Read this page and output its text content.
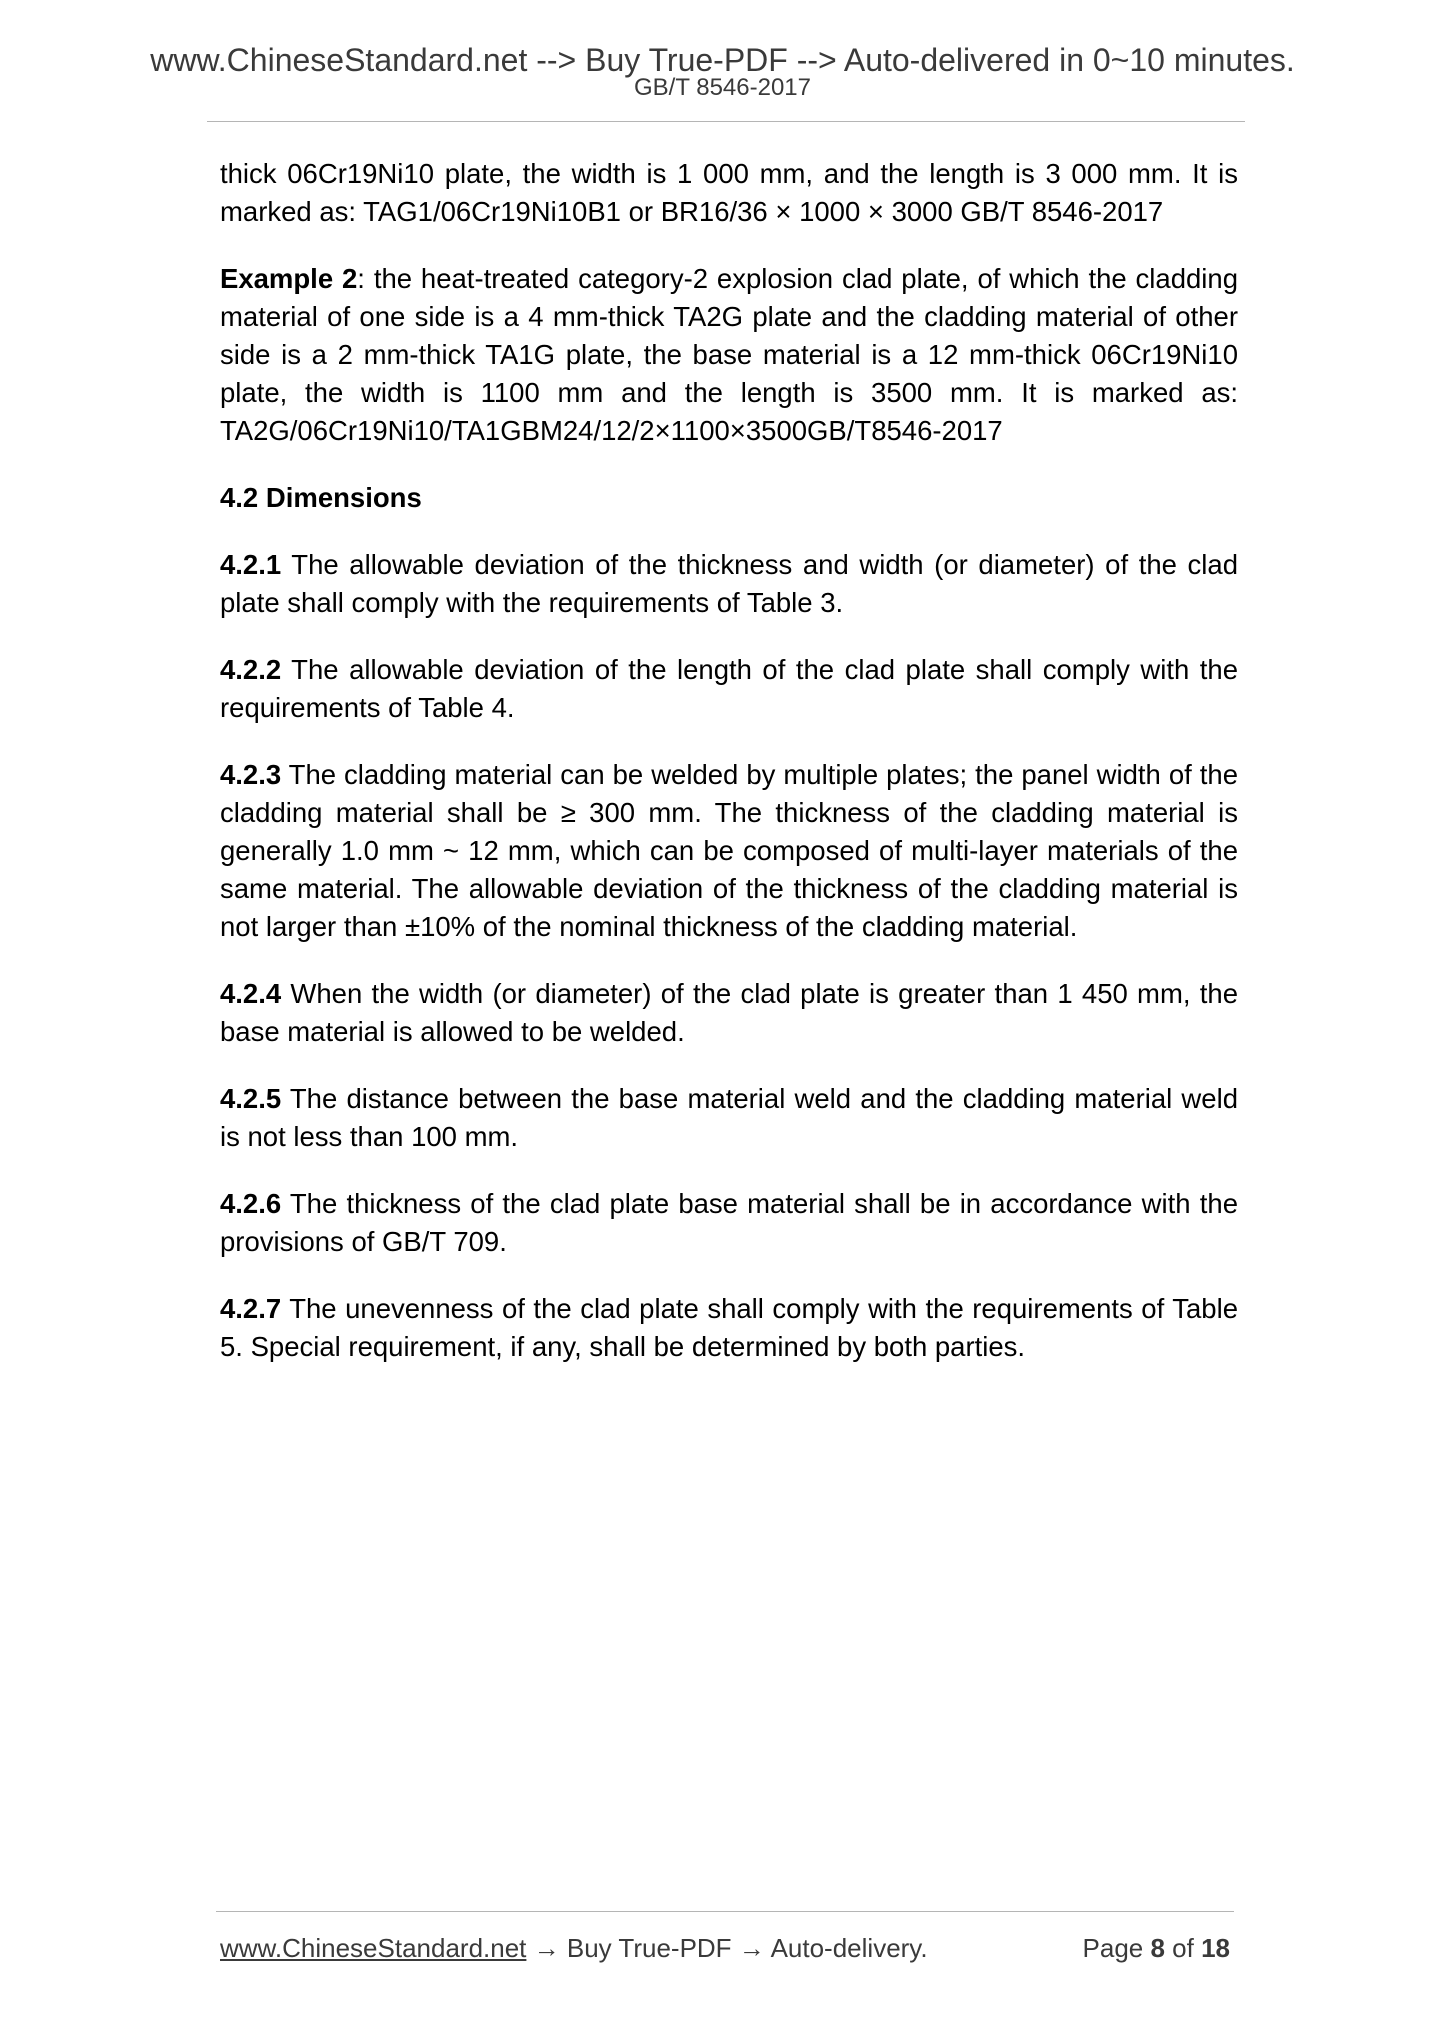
www.ChineseStandard.net --> Buy True-PDF --> Auto-delivered in 0~10 minutes.
GB/T 8546-2017

thick 06Cr19Ni10 plate, the width is 1 000 mm, and the length is 3 000 mm. It is marked as: TAG1/06Cr19Ni10B1 or BR16/36 × 1000 × 3000 GB/T 8546-2017

Example 2: the heat-treated category-2 explosion clad plate, of which the cladding material of one side is a 4 mm-thick TA2G plate and the cladding material of other side is a 2 mm-thick TA1G plate, the base material is a 12 mm-thick 06Cr19Ni10 plate, the width is 1100 mm and the length is 3500 mm. It is marked as: TA2G/06Cr19Ni10/TA1GBM24/12/2×1100×3500GB/T8546-2017

4.2 Dimensions

4.2.1 The allowable deviation of the thickness and width (or diameter) of the clad plate shall comply with the requirements of Table 3.

4.2.2 The allowable deviation of the length of the clad plate shall comply with the requirements of Table 4.

4.2.3 The cladding material can be welded by multiple plates; the panel width of the cladding material shall be ≥ 300 mm. The thickness of the cladding material is generally 1.0 mm ~ 12 mm, which can be composed of multi-layer materials of the same material. The allowable deviation of the thickness of the cladding material is not larger than ±10% of the nominal thickness of the cladding material.

4.2.4 When the width (or diameter) of the clad plate is greater than 1 450 mm, the base material is allowed to be welded.

4.2.5 The distance between the base material weld and the cladding material weld is not less than 100 mm.

4.2.6 The thickness of the clad plate base material shall be in accordance with the provisions of GB/T 709.

4.2.7 The unevenness of the clad plate shall comply with the requirements of Table 5. Special requirement, if any, shall be determined by both parties.

www.ChineseStandard.net → Buy True-PDF → Auto-delivery.	Page 8 of 18
